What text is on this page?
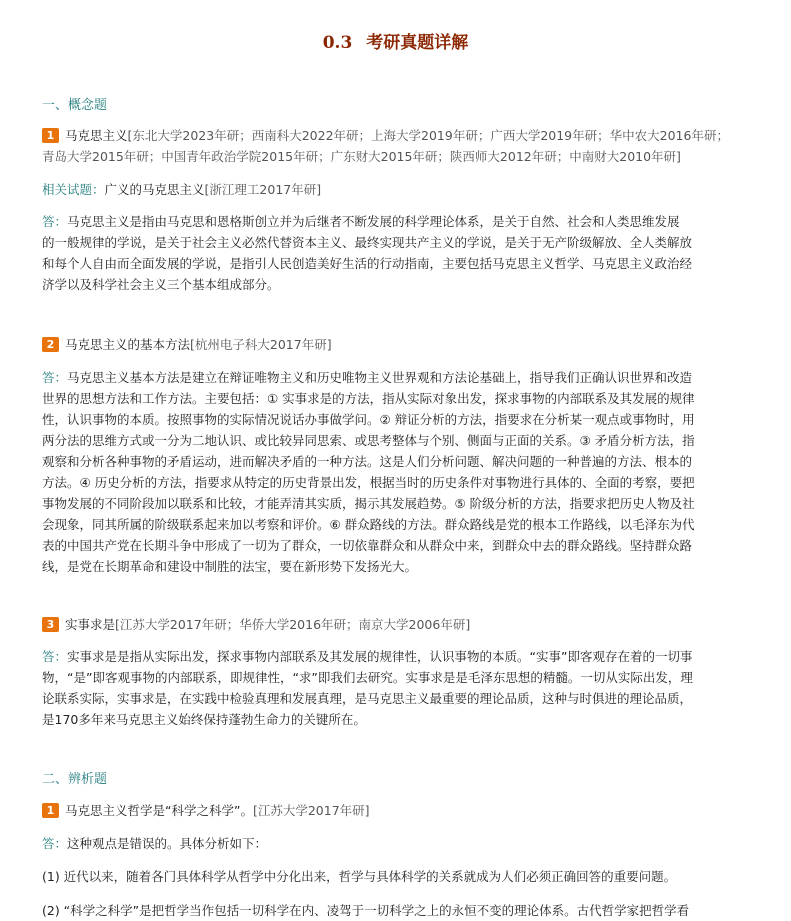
0.3 考研真题详解
一、概念题

1 马克思主义[东北大学2023年研；西南科大2022年研；上海大学2019年研；广西大学2019年研；华中农大2016年研；

青岛大学2015年研；中国青年政治学院2015年研；广东财大2015年研；陕西师大2012年研；中南财大2010年研]

相关试题：广义的马克思主义[浙江理工2017年研]

答：马克思主义是指由马克思和恩格斯创立并为后继者不断发展的科学理论体系，是关于自然、社会和人类思维发展

的一般规律的学说，是关于社会主义必然代替资本主义、最终实现共产主义的学说，是关于无产阶级解放、全人类解放

和每个人自由而全面发展的学说，是指引人民创造美好生活的行动指南，主要包括马克思主义哲学、马克思主义政治经

济学以及科学社会主义三个基本组成部分。

2 马克思主义的基本方法[杭州电子科大2017年研]

答：马克思主义基本方法是建立在辩证唯物主义和历史唯物主义世界观和方法论基础上，指导我们正确认识世界和改造

世界的思想方法和工作方法。主要包括：① 实事求是的方法，指从实际对象出发，探求事物的内部联系及其发展的规律

性，认识事物的本质。按照事物的实际情况说话办事做学问。② 辩证分析的方法，指要求在分析某一观点或事物时，用

两分法的思维方式或一分为二地认识、或比较异同思索、或思考整体与个别、侧面与正面的关系。③ 矛盾分析方法，指

观察和分析各种事物的矛盾运动，进而解决矛盾的一种方法。这是人们分析问题、解决问题的一种普遍的方法、根本的

方法。④ 历史分析的方法，指要求从特定的历史背景出发，根据当时的历史条件对事物进行具体的、全面的考察，要把

事物发展的不同阶段加以联系和比较，才能弄清其实质，揭示其发展趋势。⑤ 阶级分析的方法，指要求把历史人物及社

会现象，同其所属的阶级联系起来加以考察和评价。⑥ 群众路线的方法。群众路线是党的根本工作路线，以毛泽东为代

表的中国共产党在长期斗争中形成了一切为了群众，一切依靠群众和从群众中来，到群众中去的群众路线。坚持群众路

线，是党在长期革命和建设中制胜的法宝，要在新形势下发扬光大。

3 实事求是[江苏大学2017年研；华侨大学2016年研；南京大学2006年研]

答：实事求是是指从实际出发，探求事物内部联系及其发展的规律性，认识事物的本质。“实事”即客观存在着的一切事

物，“是”即客观事物的内部联系，即规律性，“求”即我们去研究。实事求是是毛泽东思想的精髓。一切从实际出发，理

论联系实际，实事求是，在实践中检验真理和发展真理，是马克思主义最重要的理论品质，这种与时俱进的理论品质，

是170多年来马克思主义始终保持蓬勃生命力的关键所在。

二、辨析题

1 马克思主义哲学是“科学之科学”。[江苏大学2017年研]

答：这种观点是错误的。具体分析如下：

(1) 近代以来，随着各门具体科学从哲学中分化出来，哲学与具体科学的关系就成为人们必须正确回答的重要问题。

(2) “科学之科学”是把哲学当作包括一切科学在内、凌驾于一切科学之上的永恒不变的理论体系。古代哲学家把哲学看
